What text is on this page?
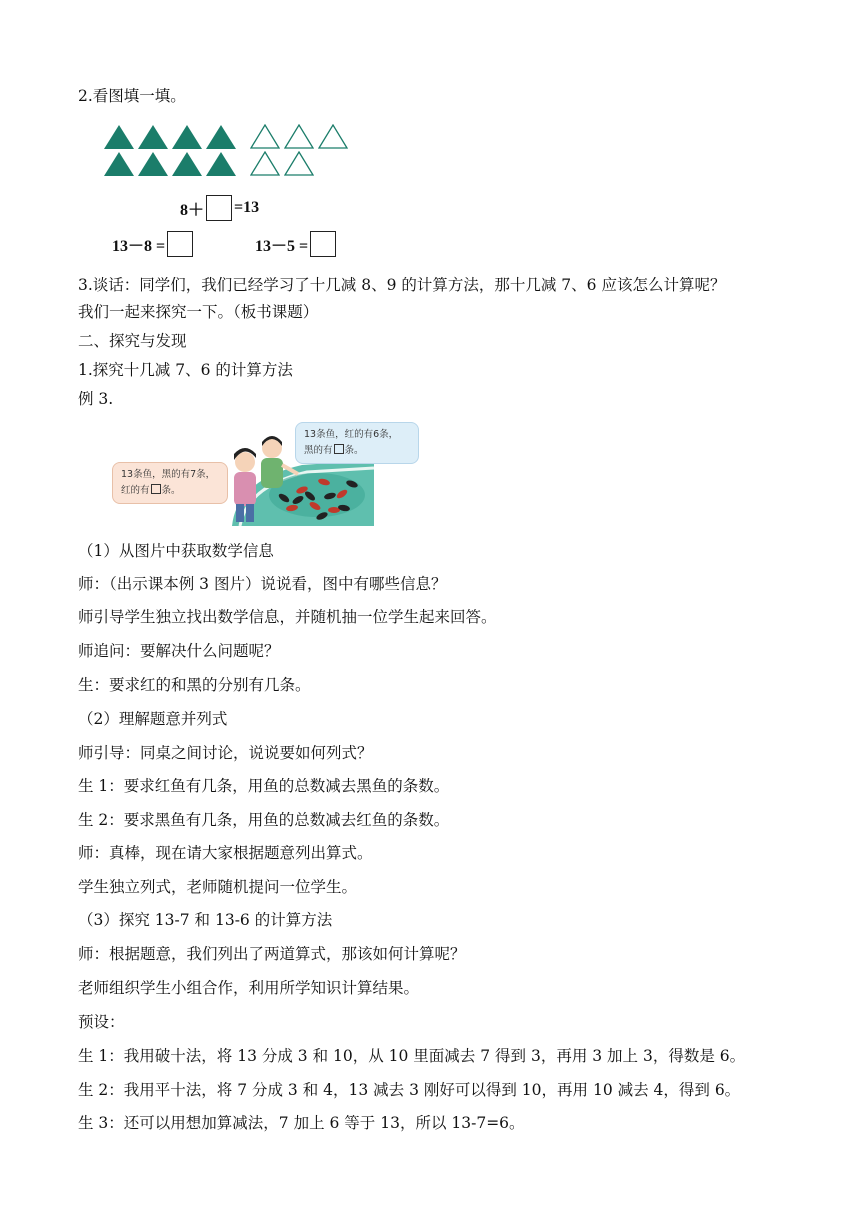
2.看图填一填。
8＋ =13
13－8 =	13－5 =
3.谈话：同学们，我们已经学习了十几减 8、9 的计算方法，那十几减 7、6 应该怎么计算呢？
我们一起来探究一下。（板书课题）
二、探究与发现
1.探究十几减 7、6 的计算方法
例 3.
13条鱼，黑的有7条，
红的有 条。
13条鱼，红的有6条，
黑的有 条。
（1）从图片中获取数学信息
师：（出示课本例 3 图片）说说看，图中有哪些信息？
师引导学生独立找出数学信息，并随机抽一位学生起来回答。
师追问：要解决什么问题呢？
生：要求红的和黑的分别有几条。
（2）理解题意并列式
师引导：同桌之间讨论，说说要如何列式？
生 1：要求红鱼有几条，用鱼的总数减去黑鱼的条数。
生 2：要求黑鱼有几条，用鱼的总数减去红鱼的条数。
师：真棒，现在请大家根据题意列出算式。
学生独立列式，老师随机提问一位学生。
（3）探究 13-7 和 13-6 的计算方法
师：根据题意，我们列出了两道算式，那该如何计算呢？
老师组织学生小组合作，利用所学知识计算结果。
预设：
生 1：我用破十法，将 13 分成 3 和 10，从 10 里面减去 7 得到 3，再用 3 加上 3，得数是 6。
生 2：我用平十法，将 7 分成 3 和 4，13 减去 3 刚好可以得到 10，再用 10 减去 4，得到 6。
生 3：还可以用想加算减法，7 加上 6 等于 13，所以 13-7=6。
